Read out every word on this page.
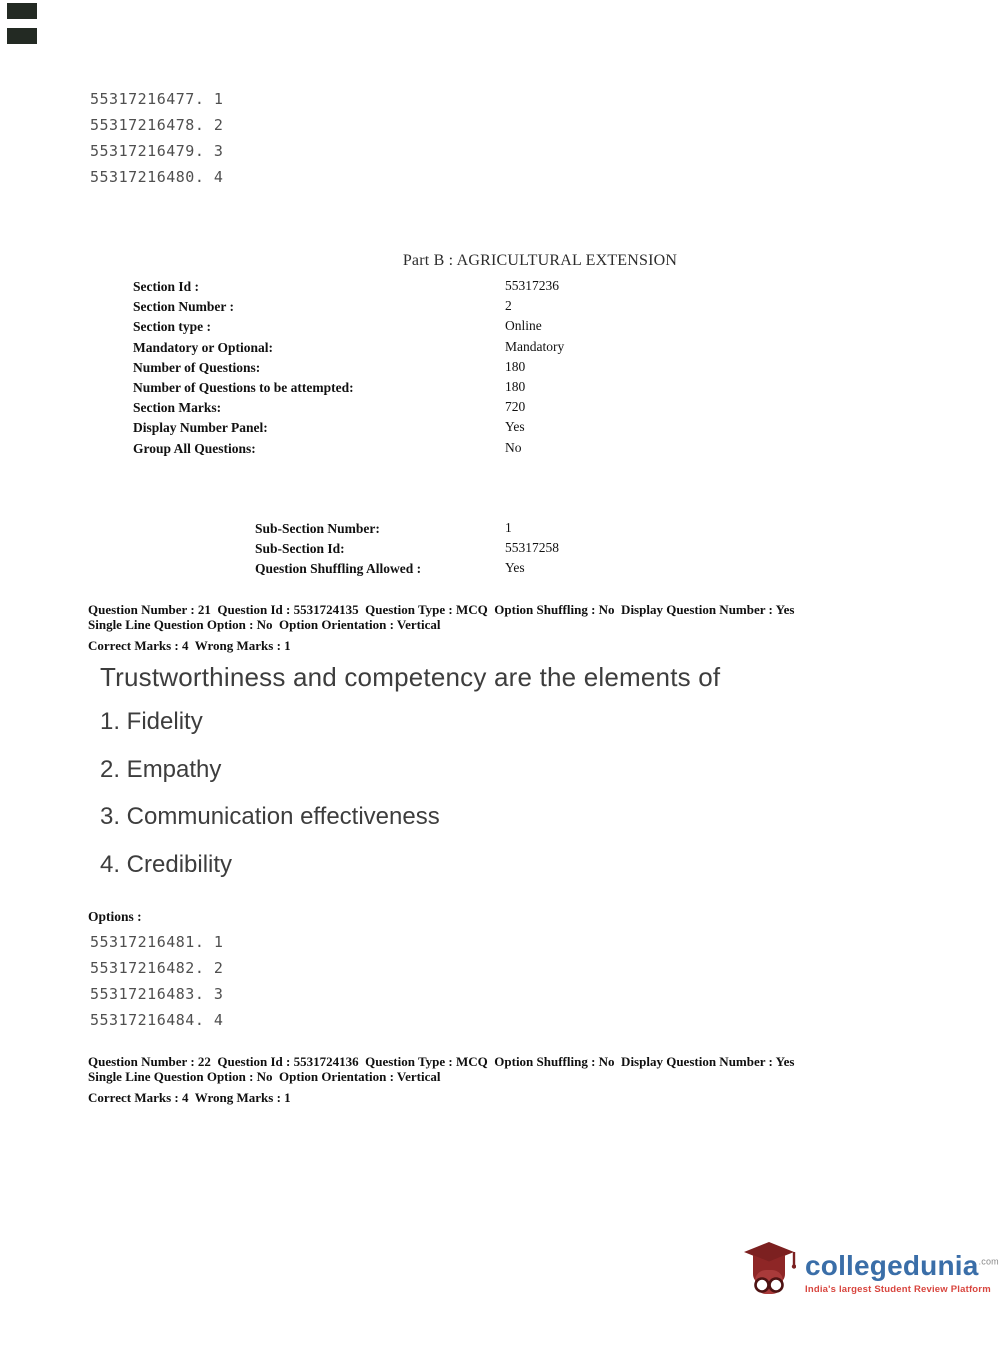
55317216477. 1
55317216478. 2
55317216479. 3
55317216480. 4
Part B : AGRICULTURAL EXTENSION
Section Id :	55317236
Section Number :	2
Section type :	Online
Mandatory or Optional:	Mandatory
Number of Questions:	180
Number of Questions to be attempted:	180
Section Marks:	720
Display Number Panel:	Yes
Group All Questions:	No
Sub-Section Number:	1
Sub-Section Id:	55317258
Question Shuffling Allowed :	Yes
Question Number : 21  Question Id : 5531724135  Question Type : MCQ  Option Shuffling : No  Display Question Number : Yes
Single Line Question Option : No  Option Orientation : Vertical
Correct Marks : 4  Wrong Marks : 1
Trustworthiness and competency are the elements of
1. Fidelity
2. Empathy
3. Communication effectiveness
4. Credibility
Options :
55317216481. 1
55317216482. 2
55317216483. 3
55317216484. 4
Question Number : 22  Question Id : 5531724136  Question Type : MCQ  Option Shuffling : No  Display Question Number : Yes
Single Line Question Option : No  Option Orientation : Vertical
Correct Marks : 4  Wrong Marks : 1
collegedunia$^{.com}$
India's largest Student Review Platform
